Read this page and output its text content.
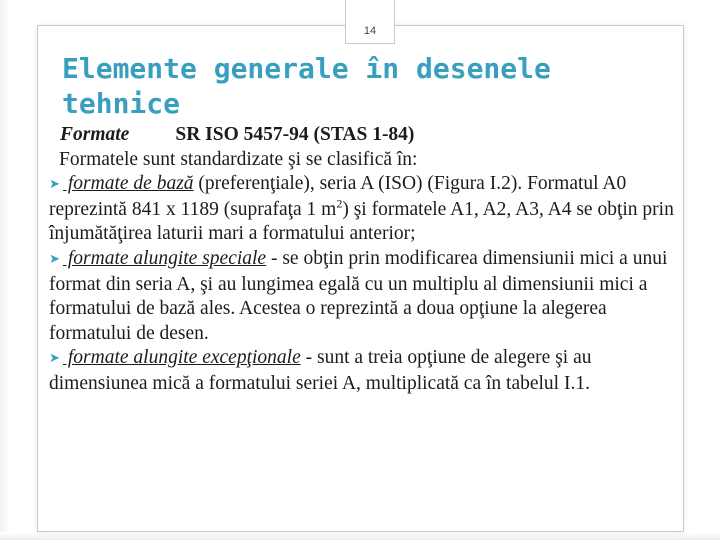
14
Elemente generale în desenele tehnice
Formate SR ISO 5457-94 (STAS 1-84)
Formatele sunt standardizate şi se clasifică în:

➤ formate de bază (preferenţiale), seria A (ISO) (Figura I.2). Formatul A0 reprezintă 841 x 1189 (suprafaţa 1 $m^2$) şi formatele A1, A2, A3, A4 se obţin prin înjumătăţirea laturii mari a formatului anterior;

➤ formate alungite speciale - se obţin prin modificarea dimensiunii mici a unui format din seria A, şi au lungimea egală cu un multiplu al dimensiunii mici a formatului de bază ales. Acestea o reprezintă a doua opţiune la alegerea formatului de desen.

➤ formate alungite excepţionale - sunt a treia opţiune de alegere şi au dimensiunea mică a formatului seriei A, multiplicată ca în tabelul I.1.
